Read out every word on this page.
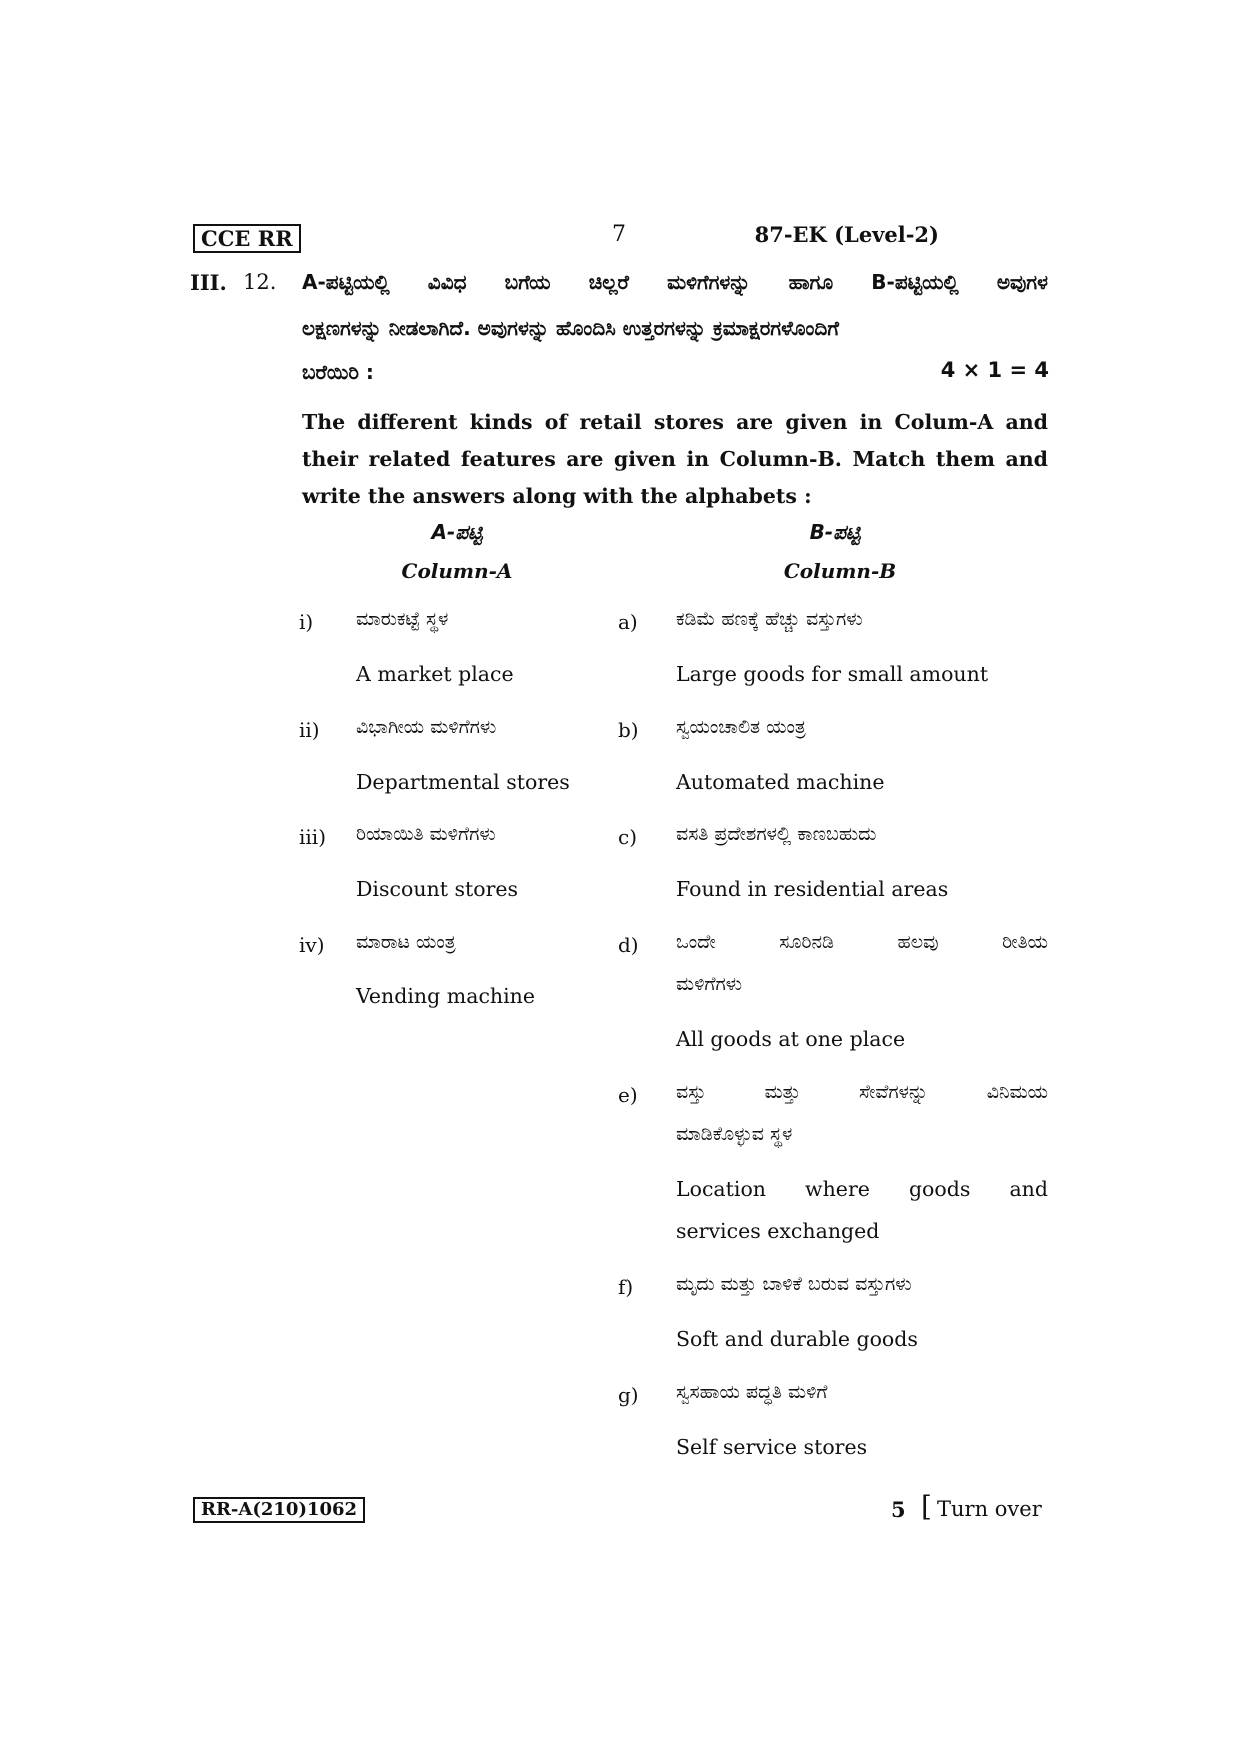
CCE RR	7	87-EK (Level-2)
III. 12. A-ಪಟ್ಟಿಯಲ್ಲಿ ವಿವಿಧ ಬಗೆಯ ಚಿಲ್ಲರೆ ಮಳಿಗೆಗಳನ್ನು ಹಾಗೂ B-ಪಟ್ಟಿಯಲ್ಲಿ ಅವುಗಳ
ಲಕ್ಷಣಗಳನ್ನು ನೀಡಲಾಗಿದೆ. ಅವುಗಳನ್ನು ಹೊಂದಿಸಿ ಉತ್ತರಗಳನ್ನು ಕ್ರಮಾಕ್ಷರಗಳೊಂದಿಗೆ
ಬರೆಯಿರಿ :	4 × 1 = 4
The different kinds of retail stores are given in Colum-A and their related features are given in Column-B. Match them and write the answers along with the alphabets :
A-ಪಟ್ಟಿ
Column-A
B-ಪಟ್ಟಿ
Column-B
i) ಮಾರುಕಟ್ಟೆ ಸ್ಥಳ
A market place
ii) ವಿಭಾಗೀಯ ಮಳಿಗೆಗಳು
Departmental stores
iii) ರಿಯಾಯಿತಿ ಮಳಿಗೆಗಳು
Discount stores
iv) ಮಾರಾಟ ಯಂತ್ರ
Vending machine
a) ಕಡಿಮೆ ಹಣಕ್ಕೆ ಹೆಚ್ಚು ವಸ್ತುಗಳು
Large goods for small amount
b) ಸ್ವಯಂಚಾಲಿತ ಯಂತ್ರ
Automated machine
c) ವಸತಿ ಪ್ರದೇಶಗಳಲ್ಲಿ ಕಾಣಬಹುದು
Found in residential areas
d) ಒಂದೇ ಸೂರಿನಡಿ ಹಲವು ರೀತಿಯ
ಮಳಿಗೆಗಳು
All goods at one place
e) ವಸ್ತು ಮತ್ತು ಸೇವೆಗಳನ್ನು ವಿನಿಮಯ
ಮಾಡಿಕೊಳ್ಳುವ ಸ್ಥಳ
Location where goods and
services exchanged
f) ಮೃದು ಮತ್ತು ಬಾಳಿಕೆ ಬರುವ ವಸ್ತುಗಳು
Soft and durable goods
g) ಸ್ವಸಹಾಯ ಪದ್ಧತಿ ಮಳಿಗೆ
Self service stores
RR-A(210)1062	5 [ Turn over
